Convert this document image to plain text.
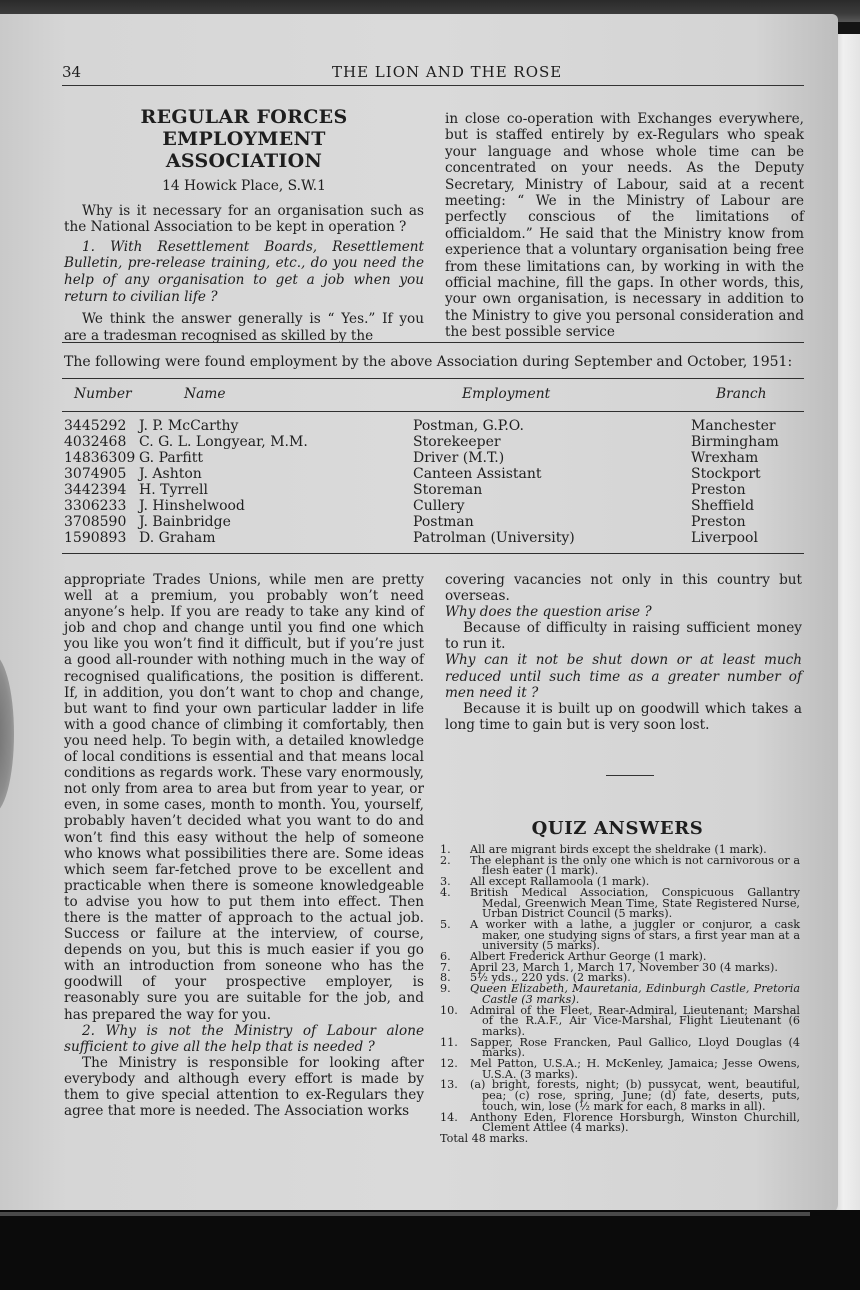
34	THE LION AND THE ROSE
REGULAR FORCES EMPLOYMENT
ASSOCIATION
14 Howick Place, S.W.1

Why is it necessary for an organisation such as the National Association to be kept in operation ?

1. With Resettlement Boards, Resettlement Bulletin, pre-release training, etc., do you need the help of any organisation to get a job when you return to civilian life ?

We think the answer generally is “ Yes.” If you are a tradesman recognised as skilled by the

in close co-operation with Exchanges everywhere, but is staffed entirely by ex-Regulars who speak your language and whose whole time can be concentrated on your needs. As the Deputy Secretary, Ministry of Labour, said at a recent meeting: “ We in the Ministry of Labour are perfectly conscious of the limitations of officialdom.” He said that the Ministry know from experience that a voluntary organisation being free from these limitations can, by working in with the official machine, fill the gaps. In other words, this, your own organisation, is necessary in addition to the Ministry to give you personal consideration and the best possible service

The following were found employment by the above Association during September and October, 1951:
Number	Name	Employment	Branch
3445292 J. P. McCarthy	Postman, G.P.O.	Manchester
4032468 C. G. L. Longyear, M.M.	Storekeeper	Birmingham
14836309 G. Parfitt	Driver (M.T.)	Wrexham
3074905 J. Ashton	Canteen Assistant	Stockport
3442394 H. Tyrrell	Storeman	Preston
3306233 J. Hinshelwood	Cullery	Sheffield
3708590 J. Bainbridge	Postman	Preston
1590893 D. Graham	Patrolman (University)	Liverpool

appropriate Trades Unions, while men are pretty well at a premium, you probably won’t need anyone’s help. If you are ready to take any kind of job and chop and change until you find one which you like you won’t find it difficult, but if you’re just a good all-rounder with nothing much in the way of recognised qualifications, the position is different. If, in addition, you don’t want to chop and change, but want to find your own particular ladder in life with a good chance of climbing it comfortably, then you need help. To begin with, a detailed knowledge of local conditions is essential and that means local conditions as regards work. These vary enormously, not only from area to area but from year to year, or even, in some cases, month to month. You, yourself, probably haven’t decided what you want to do and won’t find this easy without the help of someone who knows what possibilities there are. Some ideas which seem far-fetched prove to be excellent and practicable when there is someone knowledgeable to advise you how to put them into effect. Then there is the matter of approach to the actual job. Success or failure at the interview, of course, depends on you, but this is much easier if you go with an introduction from soneone who has the goodwill of your prospective employer, is reasonably sure you are suitable for the job, and has prepared the way for you.

2. Why is not the Ministry of Labour alone sufficient to give all the help that is needed ?

The Ministry is responsible for looking after everybody and although every effort is made by them to give special attention to ex-Regulars they agree that more is needed. The Association works

covering vacancies not only in this country but overseas.

Why does the question arise ?

Because of difficulty in raising sufficient money to run it.

Why can it not be shut down or at least much reduced until such time as a greater number of men need it ?

Because it is built up on goodwill which takes a long time to gain but is very soon lost.

QUIZ ANSWERS

1. All are migrant birds except the sheldrake (1 mark).

2. The elephant is the only one which is not carnivorous or a flesh eater (1 mark).

3. All except Rallamoola (1 mark).

4. British Medical Association, Conspicuous Gallantry Medal, Greenwich Mean Time, State Registered Nurse, Urban District Council (5 marks).

5. A worker with a lathe, a juggler or conjuror, a cask maker, one studying signs of stars, a first year man at a university (5 marks).

6. Albert Frederick Arthur George (1 mark).

7. April 23, March 1, March 17, November 30 (4 marks).

8. 5½ yds., 220 yds. (2 marks).

9. Queen Elizabeth, Mauretania, Edinburgh Castle, Pretoria Castle (3 marks).

10. Admiral of the Fleet, Rear-Admiral, Lieutenant; Marshal of the R.A.F., Air Vice-Marshal, Flight Lieutenant (6 marks).

11. Sapper, Rose Francken, Paul Gallico, Lloyd Douglas (4 marks).

12. Mel Patton, U.S.A.; H. McKenley, Jamaica; Jesse Owens, U.S.A. (3 marks).

13. (a) bright, forests, night; (b) pussycat, went, beautiful, pea; (c) rose, spring, June; (d) fate, deserts, puts, touch, win, lose (½ mark for each, 8 marks in all).

14. Anthony Eden, Florence Horsburgh, Winston Churchill, Clement Attlee (4 marks).

Total 48 marks.
